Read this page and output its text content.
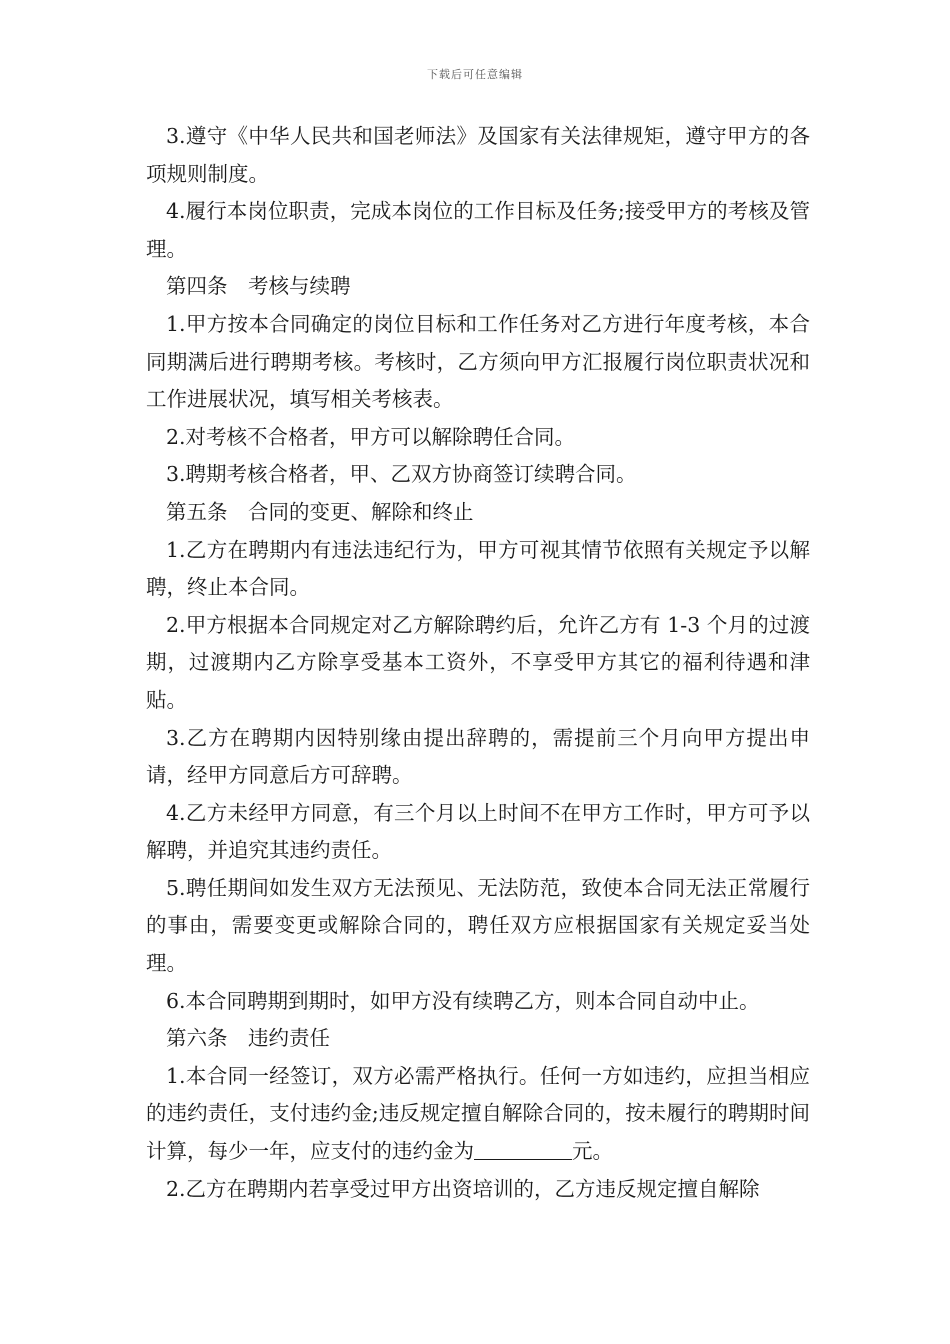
下载后可任意编辑

3.遵守《中华人民共和国老师法》及国家有关法律规矩，遵守甲方的各项规则制度。

4.履行本岗位职责，完成本岗位的工作目标及任务;接受甲方的考核及管理。

第四条　考核与续聘

1.甲方按本合同确定的岗位目标和工作任务对乙方进行年度考核，本合同期满后进行聘期考核。考核时，乙方须向甲方汇报履行岗位职责状况和工作进展状况，填写相关考核表。

2.对考核不合格者，甲方可以解除聘任合同。

3.聘期考核合格者，甲、乙双方协商签订续聘合同。

第五条　合同的变更、解除和终止

1.乙方在聘期内有违法违纪行为，甲方可视其情节依照有关规定予以解聘，终止本合同。

2.甲方根据本合同规定对乙方解除聘约后，允许乙方有 1-3 个月的过渡期，过渡期内乙方除享受基本工资外，不享受甲方其它的福利待遇和津贴。

3.乙方在聘期内因特别缘由提出辞聘的，需提前三个月向甲方提出申请，经甲方同意后方可辞聘。

4.乙方未经甲方同意，有三个月以上时间不在甲方工作时，甲方可予以解聘，并追究其违约责任。

5.聘任期间如发生双方无法预见、无法防范，致使本合同无法正常履行的事由，需要变更或解除合同的，聘任双方应根据国家有关规定妥当处理。

6.本合同聘期到期时，如甲方没有续聘乙方，则本合同自动中止。

第六条　违约责任

1.本合同一经签订，双方必需严格执行。任何一方如违约，应担当相应的违约责任，支付违约金;违反规定擅自解除合同的，按未履行的聘期时间计算，每少一年，应支付的违约金为	元。

2.乙方在聘期内若享受过甲方出资培训的，乙方违反规定擅自解除
